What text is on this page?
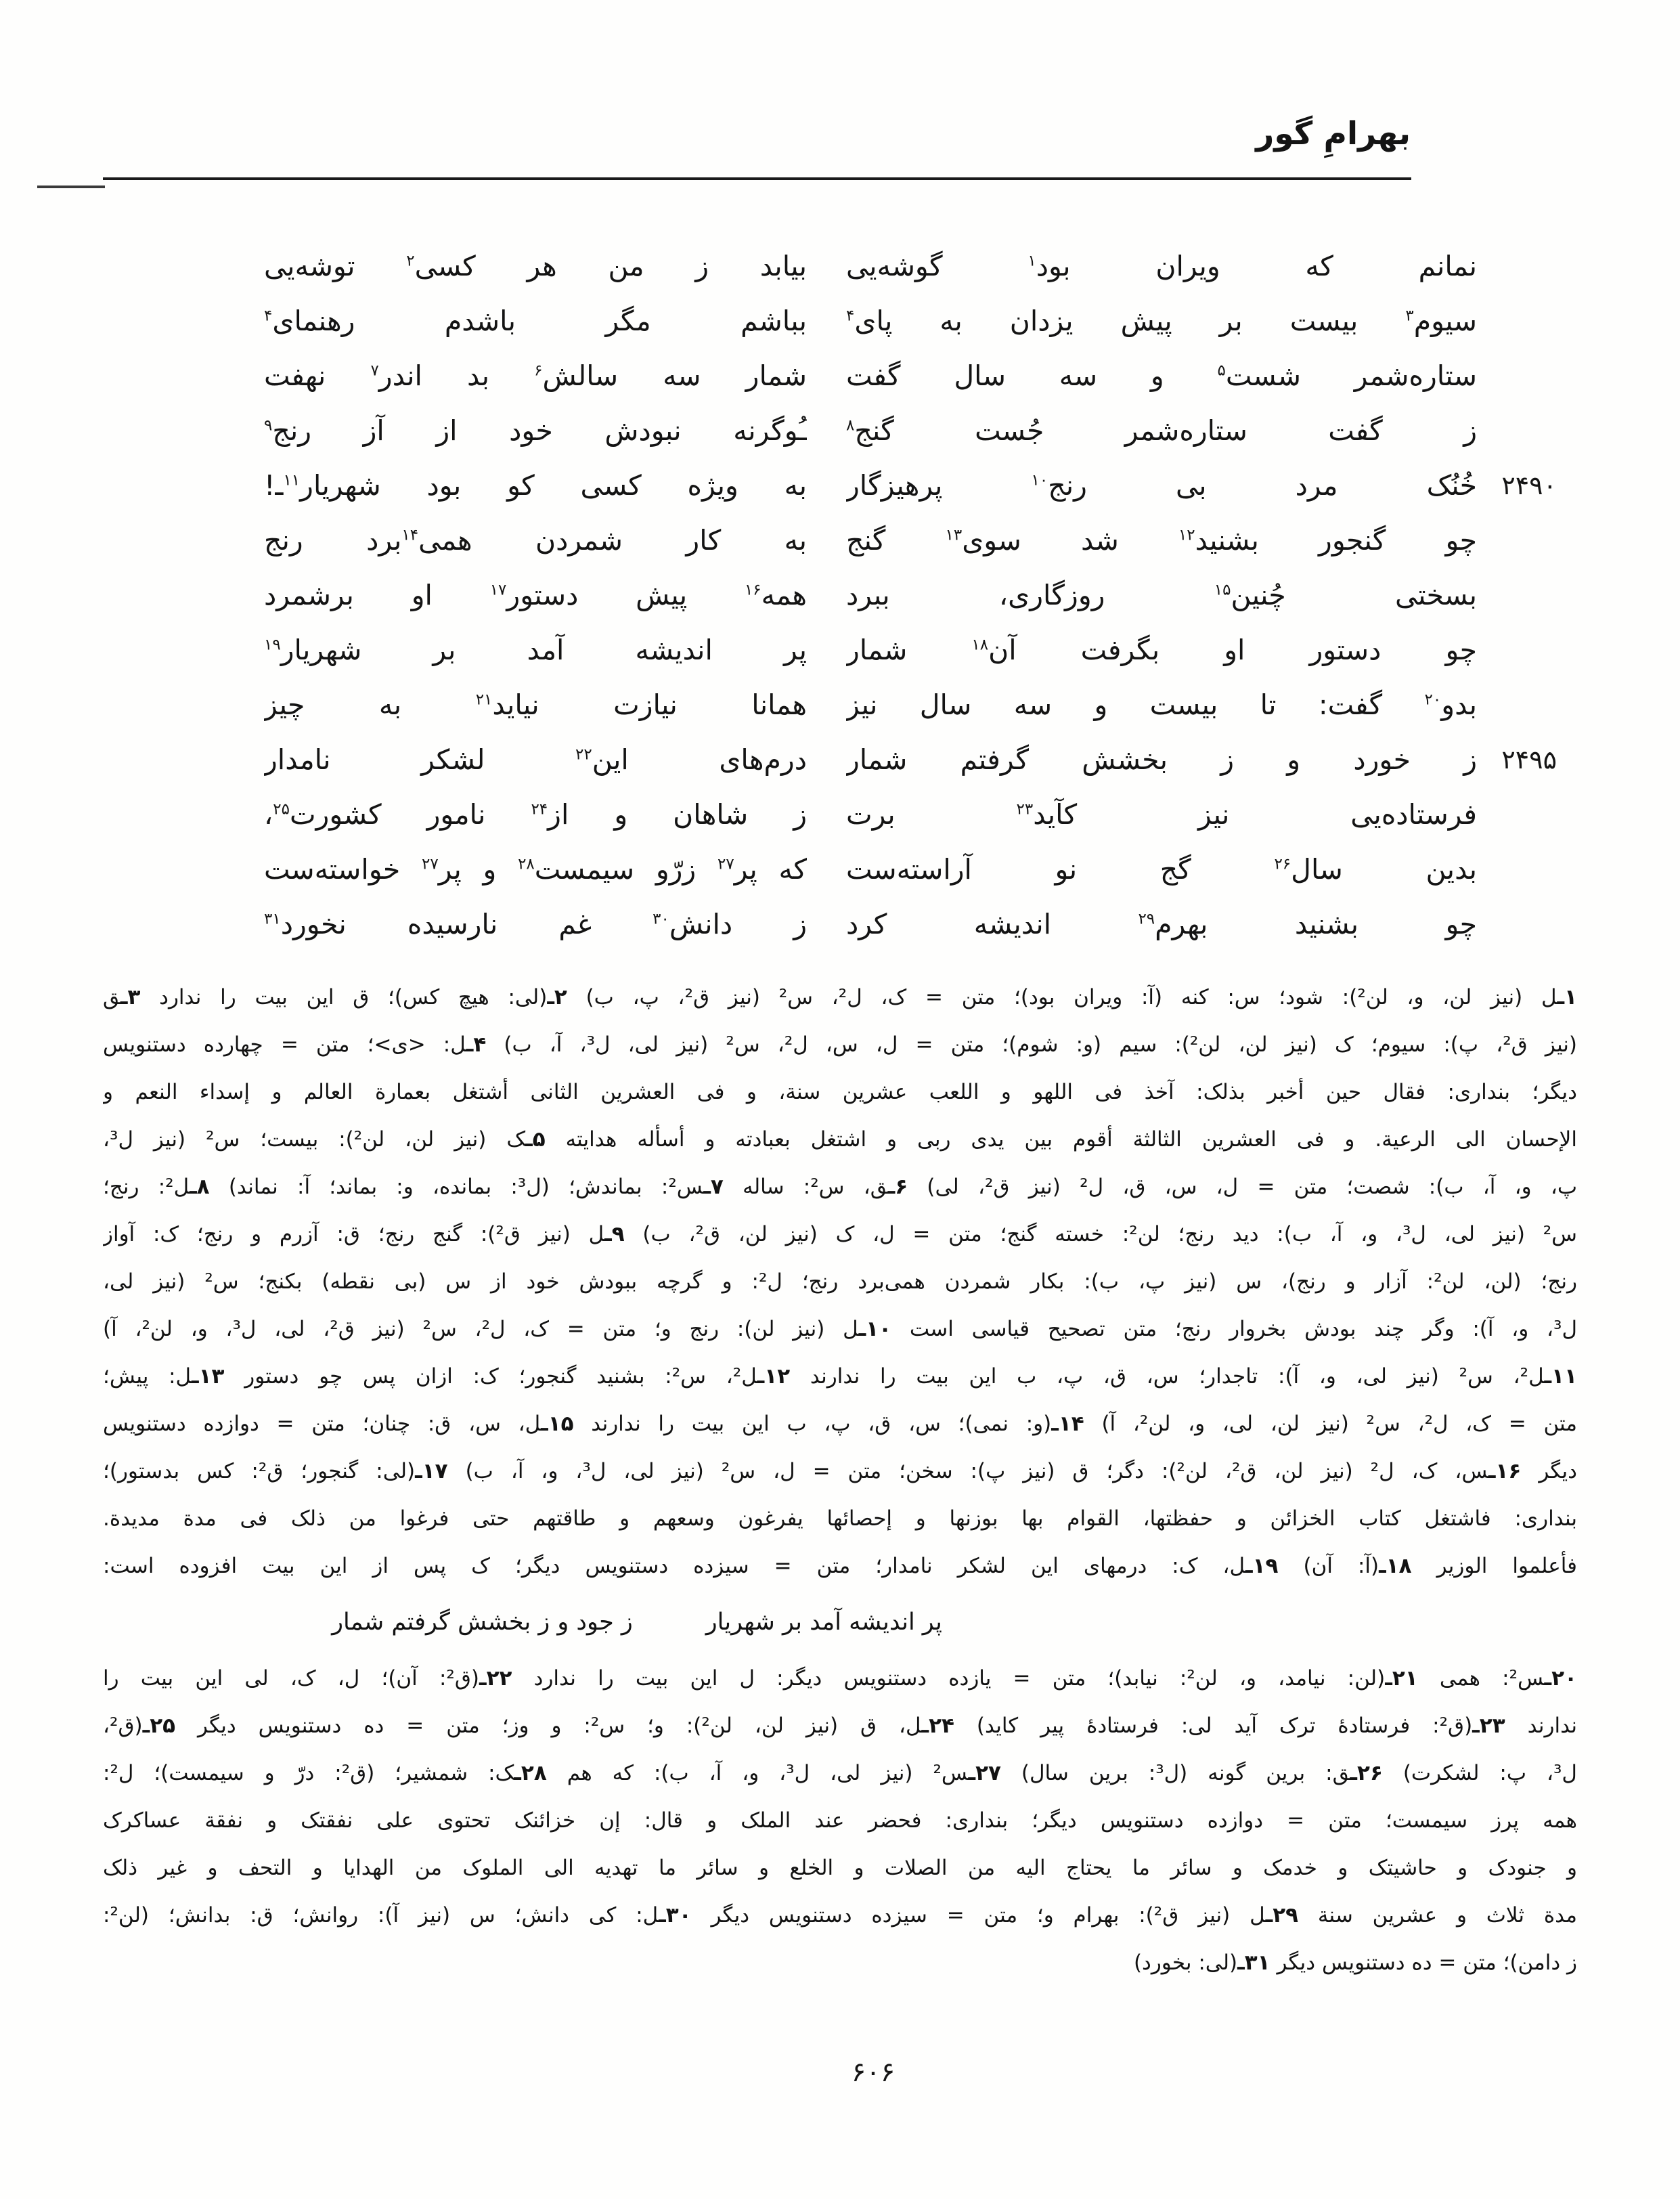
بهرامِ گور
نمانم که ویران بود$^۱$ گوشه‌یی
بیابد ز من هر کسی$^۲$ توشه‌یی
سیوم$^۳$ بیست بر پیش یزدان به پای$^۴$
بباشم مگر باشدم رهنمای$^۴$
ستاره‌شمر شست$^۵$ و سه سال گفت
شمار سه سالش$^۶$ بد اندر$^۷$ نهفت
ز گفت ستاره‌شمر جُست گنج$^۸$
ـُوگرنه نبودش خود از آز رنج$^۹$
۲۴۹۰
خُنُک مرد بی رنج$^{۱۰}$ پرهیزگار
به ویژه کسی کو بود شهریار$^{۱۱}$ـ!
چو گنجور بشنید$^{۱۲}$ شد سوی$^{۱۳}$ گنج
به کار شمردن همی$^{۱۴}$برد رنج
بسختی چُنین$^{۱۵}$ روزگاری، ببرد
همه$^{۱۶}$ پیش دستور$^{۱۷}$ او برشمرد
چو دستور او بگرفت آن$^{۱۸}$ شمار
پر اندیشه آمد بر شهریار$^{۱۹}$
بدو$^{۲۰}$ گفت: تا بیست و سه سال نیز
همانا نیازت نیاید$^{۲۱}$ به چیز
۲۴۹۵
ز خورد و ز بخشش گرفتم شمار
درم‌های این$^{۲۲}$ لشکر نامدار
فرستاده‌یی نیز کآید$^{۲۳}$ برت
ز شاهان و از$^{۲۴}$ نامور کشورت$^{۲۵}$،
بدین سال$^{۲۶}$ گج نو آراسته‌ست
که پر$^{۲۷}$ زرّو سیمست$^{۲۸}$ و پر$^{۲۷}$ خواسته‌ست
چو بشنید بهرم$^{۲۹}$ اندیشه کرد
ز دانش$^{۳۰}$ غم نارسیده نخورد$^{۳۱}$
۱ـل (نیز لن، و، لن²): شود؛ س: کنه (آ: ویران بود)؛ متن = ک، ل²، س² (نیز ق²، پ، ب) ۲ـ(لی: هیچ کس)؛ ق این بیت را ندارد ۳ـق
(نیز ق²، پ): سیوم؛ ک (نیز لن، لن²): سیم (و: شوم)؛ متن = ل، س، ل²، س² (نیز لی، ل³، آ، ب) ۴ـل: <ی>؛ متن = چهارده دستنویس
دیگر؛ بنداری: فقال حین أخبر بذلک: آخذ فی اللهو و اللعب عشرین سنة، و فی العشرین الثانی أشتغل بعمارة العالم و إسداء النعم و
الإحسان الی الرعیة. و فی العشرین الثالثة أقوم بین یدی ربی و اشتغل بعبادته و أسأله هدایته ۵ـک (نیز لن، لن²): بیست؛ س² (نیز ل³،
پ، و، آ، ب): شصت؛ متن = ل، س، ق، ل² (نیز ق²، لی) ۶ـق، س²: ساله ۷ـس²: بماندش؛ (ل³: بمانده، و: بماند؛ آ: نماند) ۸ـل²: رنج؛
س² (نیز لی، ل³، و، آ، ب): دید رنج؛ لن²: خسته گنج؛ متن = ل، ک (نیز لن، ق²، ب) ۹ـل (نیز ق²): گنج رنج؛ ق: آزرم و رنج؛ ک: آواز
رنج؛ (لن، لن²: آزار و رنج)، س (نیز پ، ب): بکار شمردن همی‌برد رنج؛ ل²: و گرچه ببودش خود از س (بی نقطه) بکنج؛ س² (نیز لی،
ل³، و، آ): وگر چند بودش بخروار رنج؛ متن تصحیح قیاسی است ۱۰ـل (نیز لن): رنج و؛ متن = ک، ل²، س² (نیز ق²، لی، ل³، و، لن²، آ)
۱۱ـل²، س² (نیز لی، و، آ): تاجدار؛ س، ق، پ، ب این بیت را ندارند ۱۲ـل²، س²: بشنید گنجور؛ ک: ازان پس چو دستور ۱۳ـل: پیش؛
متن = ک، ل²، س² (نیز لن، لی، و، لن²، آ) ۱۴ـ(و: نمی)؛ س، ق، پ، ب این بیت را ندارند ۱۵ـل، س، ق: چنان؛ متن = دوازده دستنویس
دیگر ۱۶ـس، ک، ل² (نیز لن، ق²، لن²): دگر؛ ق (نیز پ): سخن؛ متن = ل، س² (نیز لی، ل³، و، آ، ب) ۱۷ـ(لی: گنجور؛ ق²: کس بدستور)؛
بنداری: فاشتغل کتاب الخزائن و حفظتها، القوام بها بوزنها و إحصائها یفرغون وسعهم و طاقتهم حتی فرغوا من ذلک فی مدة مدیدة.
فأعلموا الوزیر ۱۸ـ(آ: آن) ۱۹ـل، ک: درمهای این لشکر نامدار؛ متن = سیزده دستنویس دیگر؛ ک پس از این بیت افزوده است:
پر اندیشه آمد بر شهریار
ز جود و ز بخشش گرفتم شمار
۲۰ـس²: همی ۲۱ـ(لن: نیامد، و، لن²: نیابد)؛ متن = یازده دستنویس دیگر: ل این بیت را ندارد ۲۲ـ(ق²: آن)؛ ل، ک، لی این بیت را
ندارند ۲۳ـ(ق²: فرستادهٔ ترک آید لی: فرستادهٔ پیر کاید) ۲۴ـل، ق (نیز لن، لن²): و؛ س²: و وز؛ متن = ده دستنویس دیگر ۲۵ـ(ق²،
ل³، پ: لشکرت) ۲۶ـق: برین گونه (ل³: برین سال) ۲۷ـس² (نیز لی، ل³، و، آ، ب): که هم ۲۸ـک: شمشیر؛ (ق²: درّ و سیمست)؛ ل²:
همه پرز سیمست؛ متن = دوازده دستنویس دیگر؛ بنداری: فحضر عند الملک و قال: إن خزائنک تحتوی علی نفقتک و نفقة عساکرک
و جنودک و حاشیتک و خدمک و سائر ما یحتاج الیه من الصلات و الخلع و سائر ما تهدیه الی الملوک من الهدایا و التحف و غیر ذلک
مدة ثلاث و عشرین سنة ۲۹ـل (نیز ق²): بهرام و؛ متن = سیزده دستنویس دیگر ۳۰ـل: کی دانش؛ س (نیز آ): روانش؛ ق: بدانش؛ (لن²:
ز دامن)؛ متن = ده دستنویس دیگر ۳۱ـ(لی: بخورد)
۶۰۶
